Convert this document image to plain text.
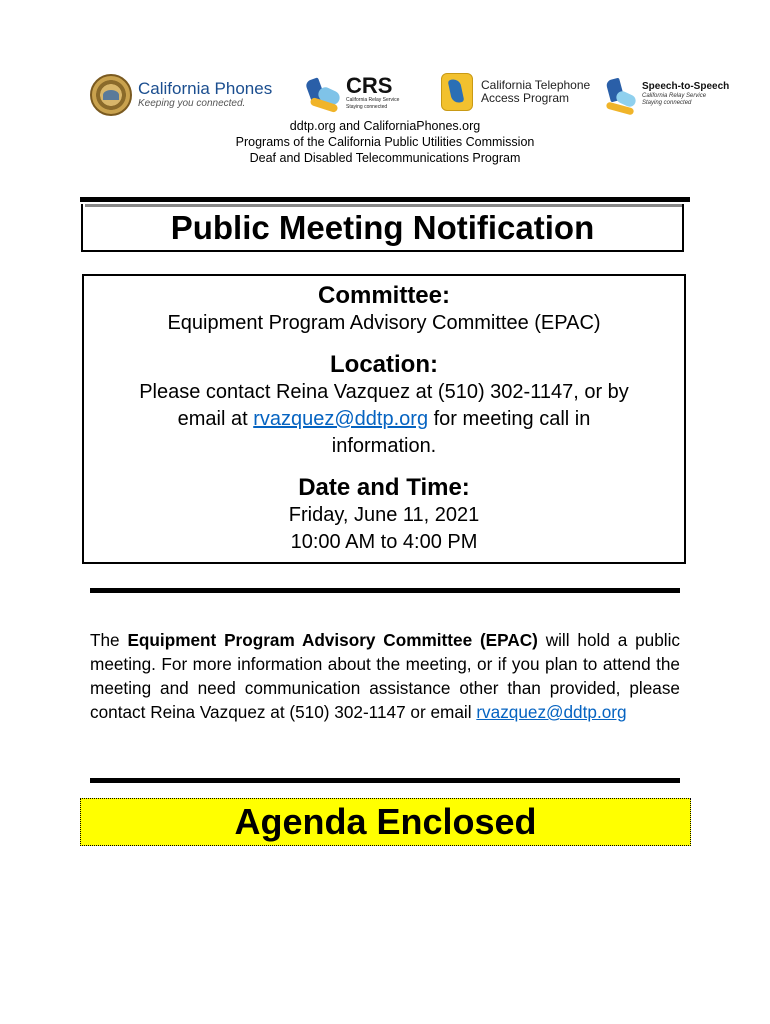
California Phones
Keeping you connected.
CRS
California Relay Service
Staying connected
California Telephone
Access Program
Speech-to-Speech
California Relay Service
Staying connected
ddtp.org and CaliforniaPhones.org
Programs of the California Public Utilities Commission
Deaf and Disabled Telecommunications Program
Public Meeting Notification

Committee:

Equipment Program Advisory Committee (EPAC)

Location:

Please contact Reina Vazquez at (510) 302-1147, or by

email at rvazquez@ddtp.org for meeting call in

information.

Date and Time:

Friday, June 11, 2021

10:00 AM to 4:00 PM

The Equipment Program Advisory Committee (EPAC) will hold a public meeting. For more information about the meeting, or if you plan to attend the meeting and need communication assistance other than provided, please contact Reina Vazquez at (510) 302-1147 or email rvazquez@ddtp.org

Agenda Enclosed
